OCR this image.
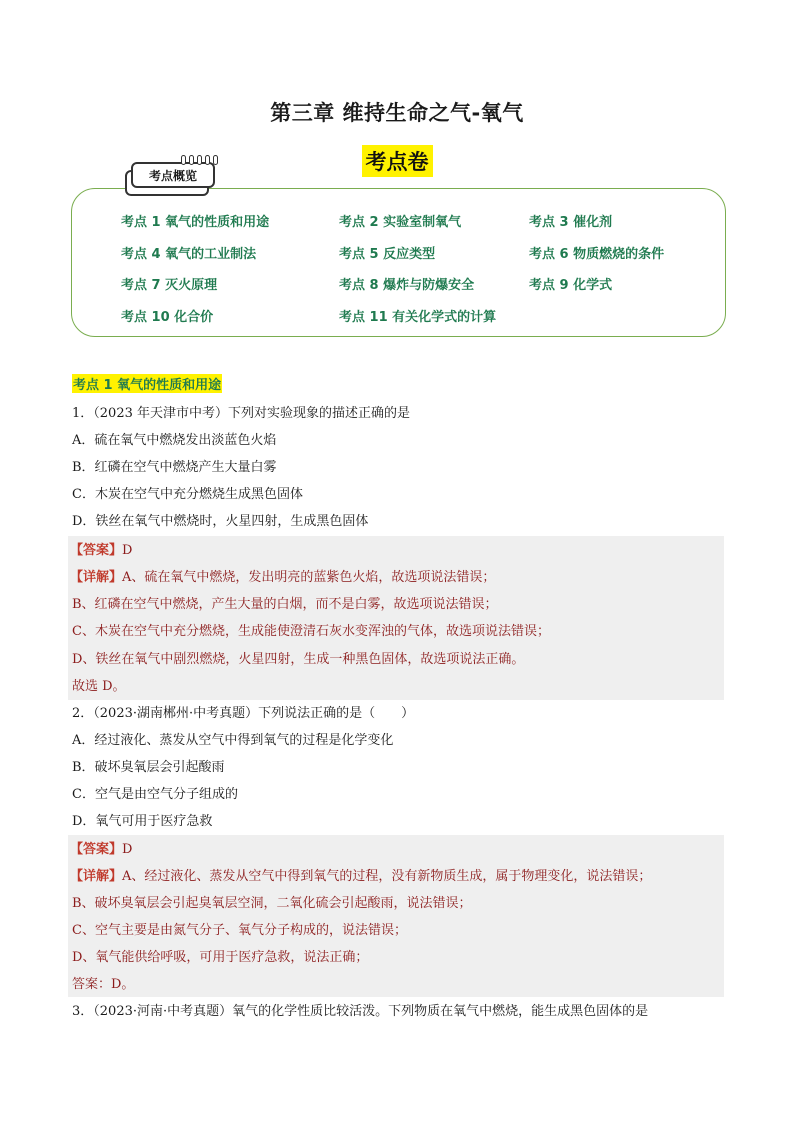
第三章 维持生命之气-氧气
考点卷
考点概览
考点 1 氧气的性质和用途	考点 2 实验室制氧气	考点 3 催化剂
考点 4 氧气的工业制法	考点 5 反应类型	考点 6 物质燃烧的条件
考点 7 灭火原理	考点 8 爆炸与防爆安全	考点 9 化学式
考点 10 化合价	考点 11 有关化学式的计算
考点 1 氧气的性质和用途
1．（2023 年天津市中考）下列对实验现象的描述正确的是
A．硫在氧气中燃烧发出淡蓝色火焰
B．红磷在空气中燃烧产生大量白雾
C．木炭在空气中充分燃烧生成黑色固体
D．铁丝在氧气中燃烧时，火星四射，生成黑色固体
【答案】D
【详解】A、硫在氧气中燃烧，发出明亮的蓝紫色火焰，故选项说法错误；
B、红磷在空气中燃烧，产生大量的白烟，而不是白雾，故选项说法错误；
C、木炭在空气中充分燃烧，生成能使澄清石灰水变浑浊的气体，故选项说法错误；
D、铁丝在氧气中剧烈燃烧，火星四射，生成一种黑色固体，故选项说法正确。
故选 D。
2．（2023·湖南郴州·中考真题）下列说法正确的是（　　）
A．经过液化、蒸发从空气中得到氧气的过程是化学变化
B．破坏臭氧层会引起酸雨
C．空气是由空气分子组成的
D．氧气可用于医疗急救
【答案】D
【详解】A、经过液化、蒸发从空气中得到氧气的过程，没有新物质生成，属于物理变化，说法错误；
B、破坏臭氧层会引起臭氧层空洞，二氧化硫会引起酸雨，说法错误；
C、空气主要是由氮气分子、氧气分子构成的，说法错误；
D、氧气能供给呼吸，可用于医疗急救，说法正确；
答案：D。
3．（2023·河南·中考真题）氧气的化学性质比较活泼。下列物质在氧气中燃烧，能生成黑色固体的是
